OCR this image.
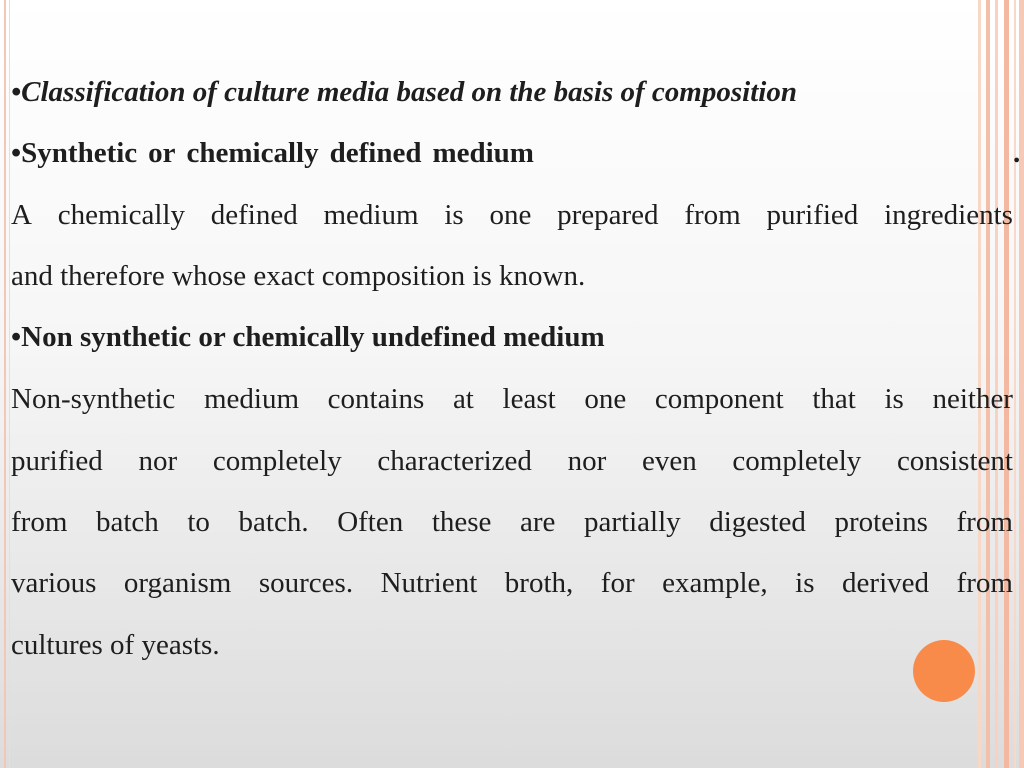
•Classification of culture media based on the basis of composition
•Synthetic or chemically defined medium	.
A chemically defined medium is one prepared from purified ingredients
and therefore whose exact composition is known.
•Non synthetic or chemically undefined medium
Non-synthetic medium contains at least one component that is neither
purified nor completely characterized nor even completely consistent
from batch to batch. Often these are partially digested proteins from
various organism sources. Nutrient broth, for example, is derived from
cultures of yeasts.
